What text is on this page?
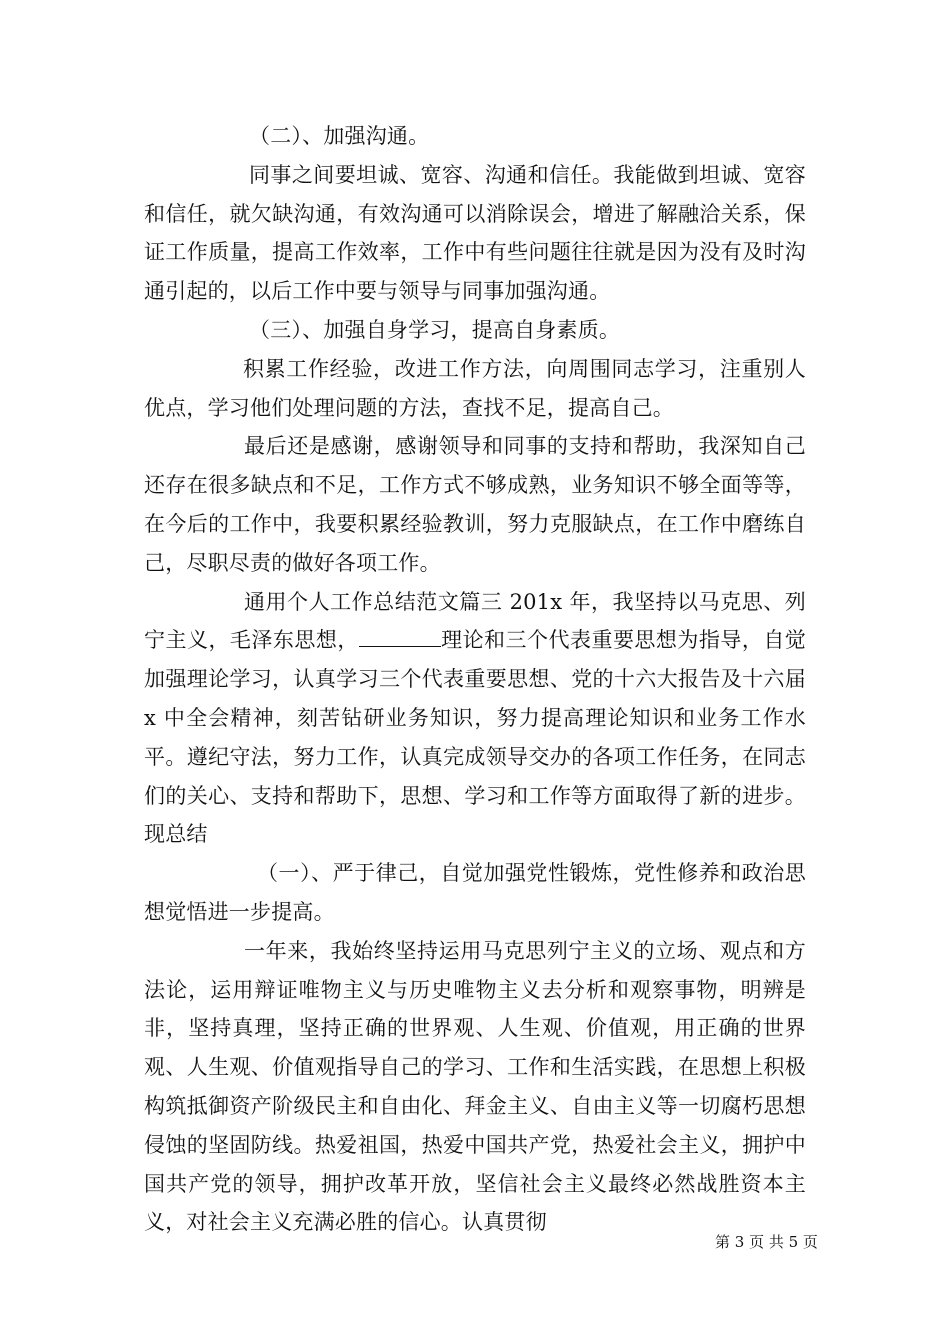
（二）、加强沟通。

同事之间要坦诚、宽容、沟通和信任。我能做到坦诚、宽容和信任，就欠缺沟通，有效沟通可以消除误会，增进了解融洽关系，保证工作质量，提高工作效率，工作中有些问题往往就是因为没有及时沟通引起的，以后工作中要与领导与同事加强沟通。

（三）、加强自身学习，提高自身素质。

积累工作经验，改进工作方法，向周围同志学习，注重别人优点，学习他们处理问题的方法，查找不足，提高自己。

最后还是感谢，感谢领导和同事的支持和帮助，我深知自己还存在很多缺点和不足，工作方式不够成熟，业务知识不够全面等等，在今后的工作中，我要积累经验教训，努力克服缺点，在工作中磨练自己，尽职尽责的做好各项工作。

通用个人工作总结范文篇三 201x 年，我坚持以马克思、列宁主义，毛泽东思想，	理论和三个代表重要思想为指导，自觉加强理论学习，认真学习三个代表重要思想、党的十六大报告及十六届 x 中全会精神，刻苦钻研业务知识，努力提高理论知识和业务工作水平。遵纪守法，努力工作，认真完成领导交办的各项工作任务，在同志们的关心、支持和帮助下，思想、学习和工作等方面取得了新的进步。现总结

（一）、严于律己，自觉加强党性锻炼，党性修养和政治思想觉悟进一步提高。

一年来，我始终坚持运用马克思列宁主义的立场、观点和方法论，运用辩证唯物主义与历史唯物主义去分析和观察事物，明辨是非，坚持真理，坚持正确的世界观、人生观、价值观，用正确的世界观、人生观、价值观指导自己的学习、工作和生活实践，在思想上积极构筑抵御资产阶级民主和自由化、拜金主义、自由主义等一切腐朽思想侵蚀的坚固防线。热爱祖国，热爱中国共产党，热爱社会主义，拥护中国共产党的领导，拥护改革开放，坚信社会主义最终必然战胜资本主义，对社会主义充满必胜的信心。认真贯彻

第 3 页 共 5 页
